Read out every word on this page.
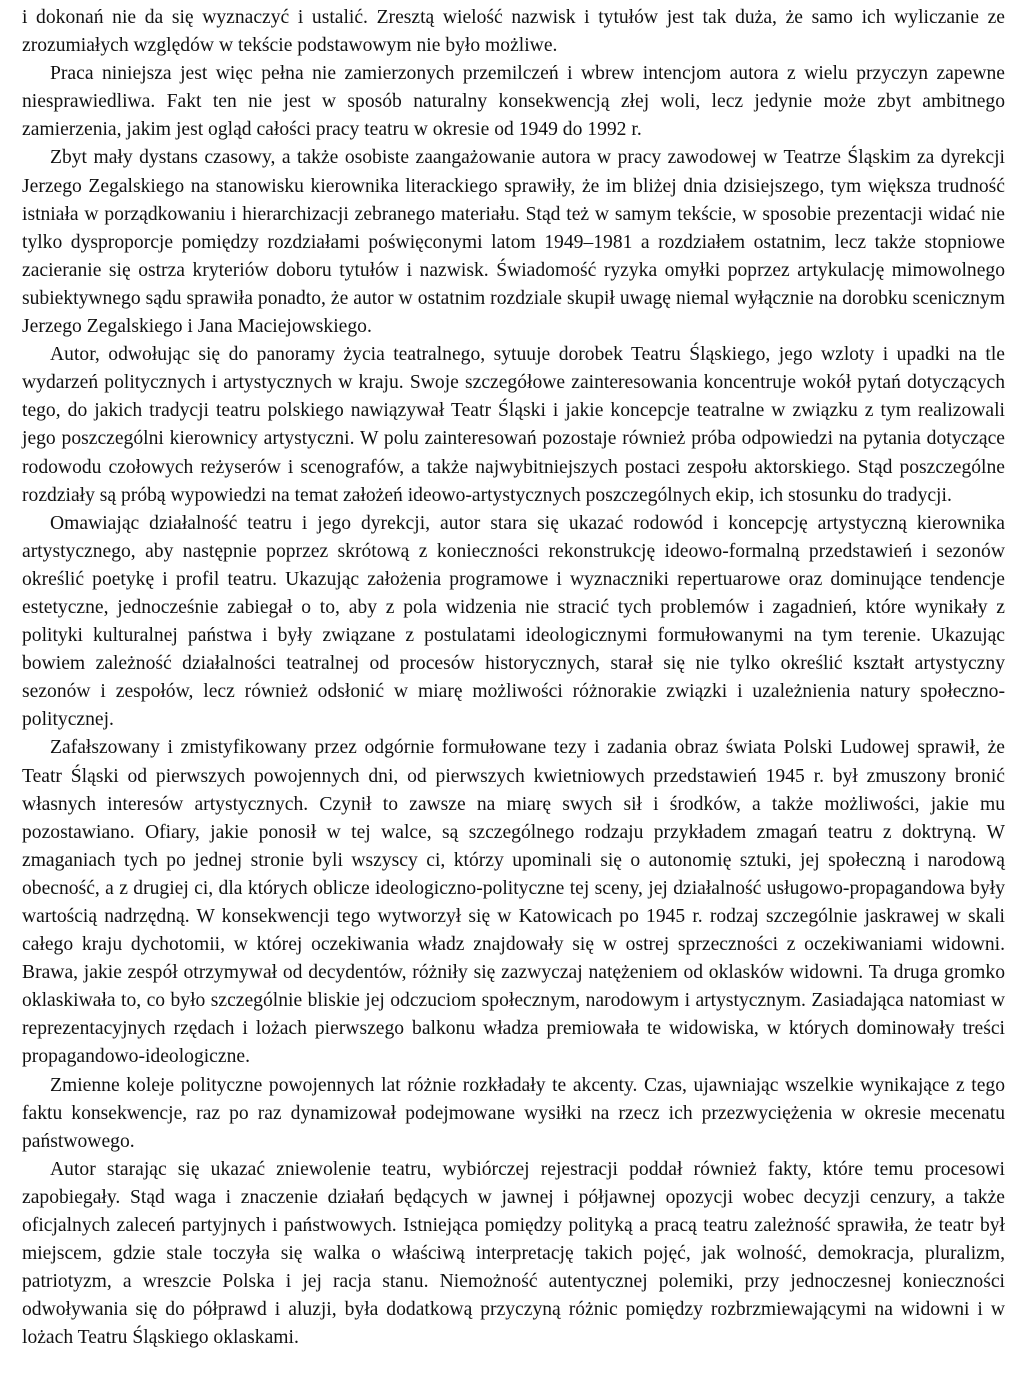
i dokonań nie da się wyznaczyć i ustalić. Zresztą wielość nazwisk i tytułów jest tak duża, że samo ich wyliczanie ze zrozumiałych względów w tekście podstawowym nie było możliwe.

Praca niniejsza jest więc pełna nie zamierzonych przemilczeń i wbrew intencjom autora z wielu przyczyn zapewne niesprawiedliwa. Fakt ten nie jest w sposób naturalny konsekwencją złej woli, lecz jedynie może zbyt ambitnego zamierzenia, jakim jest ogląd całości pracy teatru w okresie od 1949 do 1992 r.

Zbyt mały dystans czasowy, a także osobiste zaangażowanie autora w pracy zawodowej w Teatrze Śląskim za dyrekcji Jerzego Zegalskiego na stanowisku kierownika literackiego sprawiły, że im bliżej dnia dzisiejszego, tym większa trudność istniała w porządkowaniu i hierarchizacji zebranego materiału. Stąd też w samym tekście, w sposobie prezentacji widać nie tylko dysproporcje pomiędzy rozdziałami poświęconymi latom 1949–1981 a rozdziałem ostatnim, lecz także stopniowe zacieranie się ostrza kryteriów doboru tytułów i nazwisk. Świadomość ryzyka omyłki poprzez artykulację mimowolnego subiektywnego sądu sprawiła ponadto, że autor w ostatnim rozdziale skupił uwagę niemal wyłącznie na dorobku scenicznym Jerzego Zegalskiego i Jana Maciejowskiego.

Autor, odwołując się do panoramy życia teatralnego, sytuuje dorobek Teatru Śląskiego, jego wzloty i upadki na tle wydarzeń politycznych i artystycznych w kraju. Swoje szczegółowe zainteresowania koncentruje wokół pytań dotyczących tego, do jakich tradycji teatru polskiego nawiązywał Teatr Śląski i jakie koncepcje teatralne w związku z tym realizowali jego poszczególni kierownicy artystyczni. W polu zainteresowań pozostaje również próba odpowiedzi na pytania dotyczące rodowodu czołowych reżyserów i scenografów, a także najwybitniejszych postaci zespołu aktorskiego. Stąd poszczególne rozdziały są próbą wypowiedzi na temat założeń ideowo-artystycznych poszczególnych ekip, ich stosunku do tradycji.

Omawiając działalność teatru i jego dyrekcji, autor stara się ukazać rodowód i koncepcję artystyczną kierownika artystycznego, aby następnie poprzez skrótową z konieczności rekonstrukcję ideowo-formalną przedstawień i sezonów określić poetykę i profil teatru. Ukazując założenia programowe i wyznaczniki repertuarowe oraz dominujące tendencje estetyczne, jednocześnie zabiegał o to, aby z pola widzenia nie stracić tych problemów i zagadnień, które wynikały z polityki kulturalnej państwa i były związane z postulatami ideologicznymi formułowanymi na tym terenie. Ukazując bowiem zależność działalności teatralnej od procesów historycznych, starał się nie tylko określić kształt artystyczny sezonów i zespołów, lecz również odsłonić w miarę możliwości różnorakie związki i uzależnienia natury społeczno-politycznej.

Zafałszowany i zmistyfikowany przez odgórnie formułowane tezy i zadania obraz świata Polski Ludowej sprawił, że Teatr Śląski od pierwszych powojennych dni, od pierwszych kwietniowych przedstawień 1945 r. był zmuszony bronić własnych interesów artystycznych. Czynił to zawsze na miarę swych sił i środków, a także możliwości, jakie mu pozostawiano. Ofiary, jakie ponosił w tej walce, są szczególnego rodzaju przykładem zmagań teatru z doktryną. W zmaganiach tych po jednej stronie byli wszyscy ci, którzy upominali się o autonomię sztuki, jej społeczną i narodową obecność, a z drugiej ci, dla których oblicze ideologiczno-polityczne tej sceny, jej działalność usługowo-propagandowa były wartością nadrzędną. W konsekwencji tego wytworzył się w Katowicach po 1945 r. rodzaj szczególnie jaskrawej w skali całego kraju dychotomii, w której oczekiwania władz znajdowały się w ostrej sprzeczności z oczekiwaniami widowni. Brawa, jakie zespół otrzymywał od decydentów, różniły się zazwyczaj natężeniem od oklasków widowni. Ta druga gromko oklaskiwała to, co było szczególnie bliskie jej odczuciom społecznym, narodowym i artystycznym. Zasiadająca natomiast w reprezentacyjnych rzędach i lożach pierwszego balkonu władza premiowała te widowiska, w których dominowały treści propagandowo-ideologiczne.

Zmienne koleje polityczne powojennych lat różnie rozkładały te akcenty. Czas, ujawniając wszelkie wynikające z tego faktu konsekwencje, raz po raz dynamizował podejmowane wysiłki na rzecz ich przezwyciężenia w okresie mecenatu państwowego.

Autor starając się ukazać zniewolenie teatru, wybiórczej rejestracji poddał również fakty, które temu procesowi zapobiegały. Stąd waga i znaczenie działań będących w jawnej i półjawnej opozycji wobec decyzji cenzury, a także oficjalnych zaleceń partyjnych i państwowych. Istniejąca pomiędzy polityką a pracą teatru zależność sprawiła, że teatr był miejscem, gdzie stale toczyła się walka o właściwą interpretację takich pojęć, jak wolność, demokracja, pluralizm, patriotyzm, a wreszcie Polska i jej racja stanu. Niemożność autentycznej polemiki, przy jednoczesnej konieczności odwoływania się do półprawd i aluzji, była dodatkową przyczyną różnic pomiędzy rozbrzmiewającymi na widowni i w lożach Teatru Śląskiego oklaskami.
